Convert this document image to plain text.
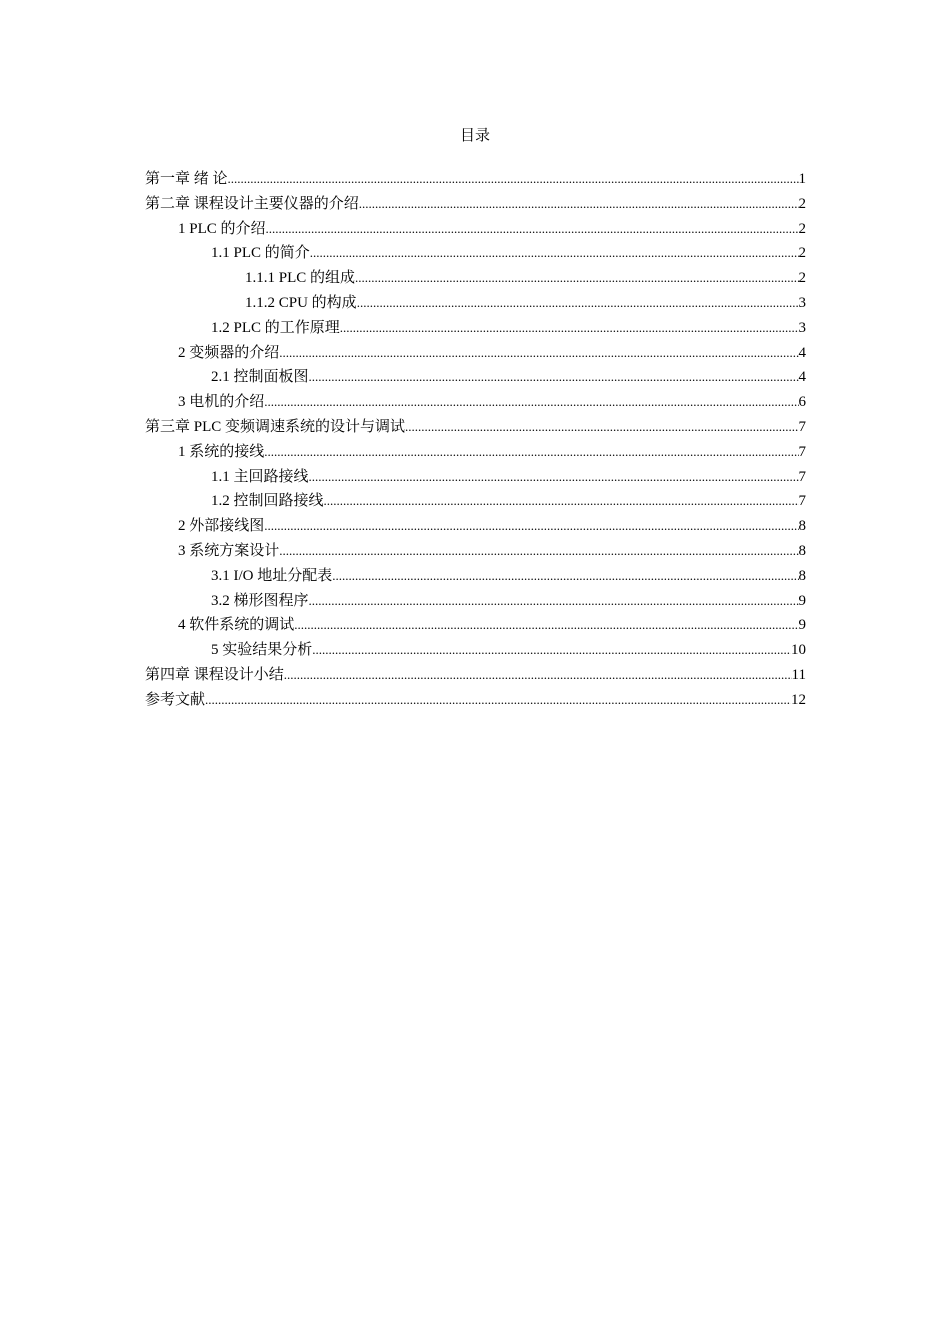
目录
第一章 绪 论 .....	1
第二章 课程设计主要仪器的介绍 .....	2
1 PLC 的介绍 .....	2
1.1 PLC 的简介 .....	2
1.1.1 PLC 的组成 .....	2
1.1.2 CPU 的构成 .....	3
1.2 PLC 的工作原理 .....	3
2 变频器的介绍 .....	4
2.1 控制面板图 .....	4
3 电机的介绍 .....	6
第三章 PLC 变频调速系统的设计与调试 .....	7
1 系统的接线 .....	7
1.1 主回路接线 .....	7
1.2 控制回路接线 .....	7
2 外部接线图 .....	8
3 系统方案设计 .....	8
3.1 I/O 地址分配表 .....	8
3.2 梯形图程序 .....	9
4 软件系统的调试 .....	9
5 实验结果分析 .....	10
第四章 课程设计小结 .....	11
参考文献 .....	12
